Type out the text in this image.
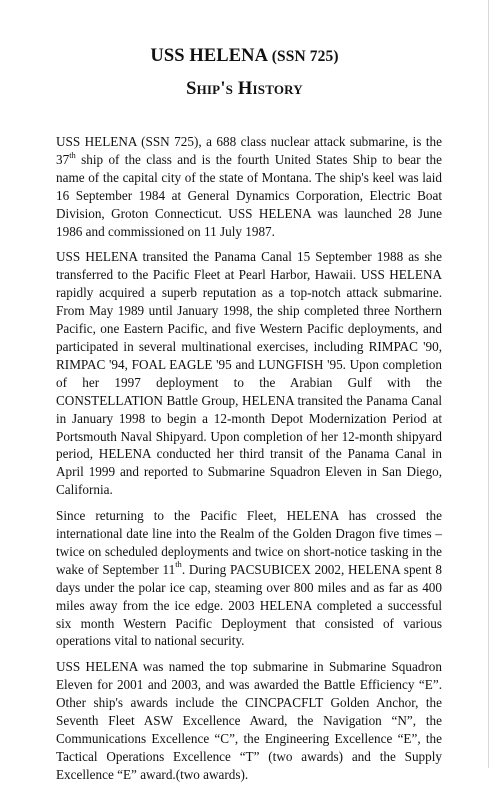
USS HELENA (SSN 725)
Ship's History

USS HELENA (SSN 725), a 688 class nuclear attack submarine, is the 37th ship of the class and is the fourth United States Ship to bear the name of the capital city of the state of Montana. The ship's keel was laid 16 September 1984 at General Dynamics Corporation, Electric Boat Division, Groton Connecticut. USS HELENA was launched 28 June 1986 and commissioned on 11 July 1987.

USS HELENA transited the Panama Canal 15 September 1988 as she transferred to the Pacific Fleet at Pearl Harbor, Hawaii. USS HELENA rapidly acquired a superb reputation as a top-notch attack submarine. From May 1989 until January 1998, the ship completed three Northern Pacific, one Eastern Pacific, and five Western Pacific deployments, and participated in several multinational exercises, including RIMPAC '90, RIMPAC '94, FOAL EAGLE '95 and LUNGFISH '95. Upon completion of her 1997 deployment to the Arabian Gulf with the CONSTELLATION Battle Group, HELENA transited the Panama Canal in January 1998 to begin a 12-month Depot Modernization Period at Portsmouth Naval Shipyard. Upon completion of her 12-month shipyard period, HELENA conducted her third transit of the Panama Canal in April 1999 and reported to Submarine Squadron Eleven in San Diego, California.

Since returning to the Pacific Fleet, HELENA has crossed the international date line into the Realm of the Golden Dragon five times – twice on scheduled deployments and twice on short-notice tasking in the wake of September 11th. During PACSUBICEX 2002, HELENA spent 8 days under the polar ice cap, steaming over 800 miles and as far as 400 miles away from the ice edge. 2003 HELENA completed a successful six month Western Pacific Deployment that consisted of various operations vital to national security.

USS HELENA was named the top submarine in Submarine Squadron Eleven for 2001 and 2003, and was awarded the Battle Efficiency “E”. Other ship's awards include the CINCPACFLT Golden Anchor, the Seventh Fleet ASW Excellence Award, the Navigation “N”, the Communications Excellence “C”, the Engineering Excellence “E”, the Tactical Operations Excellence “T” (two awards) and the Supply Excellence “E” award.(two awards).
